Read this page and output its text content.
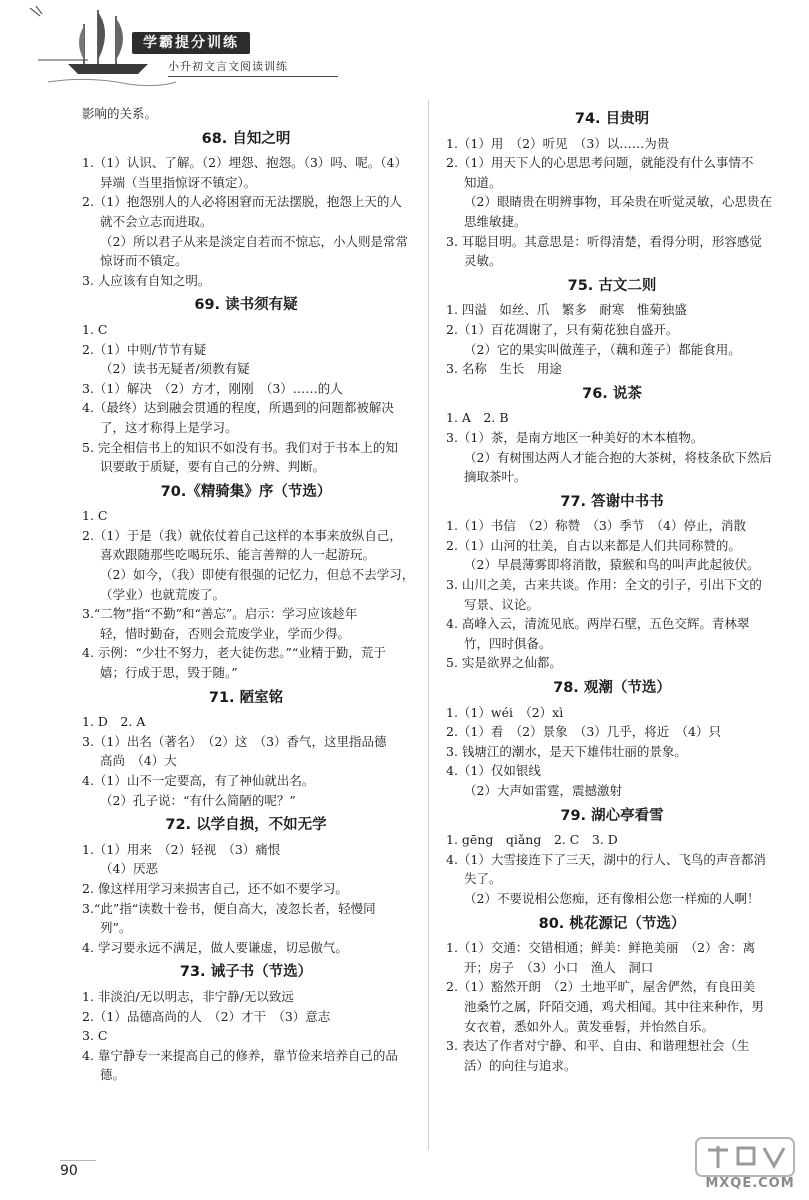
学霸提分训练
小升初文言文阅读训练
影响的关系。
68. 自知之明
1.（1）认识、了解。（2）埋怨、抱怨。（3）吗、呢。（4）
异端（当里指惊讶不镇定）。
2.（1）抱怨别人的人必将困窘而无法摆脱，抱怨上天的人
就不会立志而进取。
（2）所以君子从来是淡定自若而不惊忘，小人则是常常
惊讶而不镇定。
3. 人应该有自知之明。
69. 读书须有疑
1. C
2.（1）中则/节节有疑
（2）读书无疑者/须教有疑
3.（1）解决　（2）方才，刚刚　（3）……的人
4.（最终）达到融会贯通的程度，所遇到的问题都被解决
了，这才称得上是学习。
5. 完全相信书上的知识不如没有书。我们对于书本上的知
识要敢于质疑，要有自己的分辨、判断。
70.《精骑集》序（节选）
1. C
2.（1）于是（我）就依仗着自己这样的本事来放纵自己，
喜欢跟随那些吃喝玩乐、能言善辩的人一起游玩。
（2）如今，（我）即使有很强的记忆力，但总不去学习，
（学业）也就荒废了。
3.“二物”指“不勤”和“善忘”。启示：学习应该趁年
轻，惜时勤奋，否则会荒废学业，学而少得。
4. 示例：“少壮不努力，老大徒伤悲。”“业精于勤，荒于
嬉；行成于思，毁于随。”
71. 陋室铭
1. D　2. A
3.（1）出名（著名）　（2）这　（3）香气，这里指品德
高尚　（4）大
4.（1）山不一定要高，有了神仙就出名。
（2）孔子说：“有什么简陋的呢？”
72. 以学自损，不如无学
1.（1）用来　（2）轻视　（3）痛恨
（4）厌恶
2. 像这样用学习来损害自己，还不如不要学习。
3.“此”指“读数十卷书，便自高大，凌忽长者，轻慢同
列”。
4. 学习要永远不满足，做人要谦虚，切忌傲气。
73. 诫子书（节选）
1. 非淡泊/无以明志，非宁静/无以致远
2.（1）品德高尚的人　（2）才干　（3）意志
3. C
4. 靠宁静专一来提高自己的修养，靠节俭来培养自己的品
德。
74. 目贵明
1.（1）用　（2）听见　（3）以……为贵
2.（1）用天下人的心思思考问题，就能没有什么事情不
知道。
（2）眼睛贵在明辨事物，耳朵贵在听觉灵敏，心思贵在
思维敏捷。
3. 耳聪目明。其意思是：听得清楚，看得分明，形容感觉
灵敏。
75. 古文二则
1. 四溢　如丝、爪　繁多　耐寒　惟菊独盛
2.（1）百花凋谢了，只有菊花独自盛开。
（2）它的果实叫做莲子，（藕和莲子）都能食用。
3. 名称　生长　用途
76. 说茶
1. A　2. B
3.（1）茶，是南方地区一种美好的木本植物。
（2）有树围达两人才能合抱的大茶树，将枝条砍下然后
摘取茶叶。
77. 答谢中书书
1.（1）书信　（2）称赞　（3）季节　（4）停止，消散
2.（1）山河的壮美，自古以来都是人们共同称赞的。
（2）早晨薄雾即将消散，猿猴和鸟的叫声此起彼伏。
3. 山川之美，古来共谈。作用：全文的引子，引出下文的
写景、议论。
4. 高峰入云，清流见底。两岸石壁，五色交辉。青林翠
竹，四时俱备。
5. 实是欲界之仙都。
78. 观潮（节选）
1.（1）wéi　（2）xì
2.（1）看　（2）景象　（3）几乎，将近　（4）只
3. 钱塘江的潮水，是天下雄伟壮丽的景象。
4.（1）仅如银线
（2）大声如雷霆，震撼激射
79. 湖心亭看雪
1. gēng　qiǎng　2. C　3. D
4.（1）大雪接连下了三天，湖中的行人、飞鸟的声音都消
失了。
（2）不要说相公您痴，还有像相公您一样痴的人啊！
80. 桃花源记（节选）
1.（1）交通：交错相通；鲜美：鲜艳美丽　（2）舍：离
开；房子　（3）小口　渔人　洞口
2.（1）豁然开朗　（2）土地平旷，屋舍俨然，有良田美
池桑竹之属，阡陌交通，鸡犬相闻。其中往来种作，男
女衣着，悉如外人。黄发垂髫，并怡然自乐。
3. 表达了作者对宁静、和平、自由、和谐理想社会（生
活）的向往与追求。
90
MXQE.COM
